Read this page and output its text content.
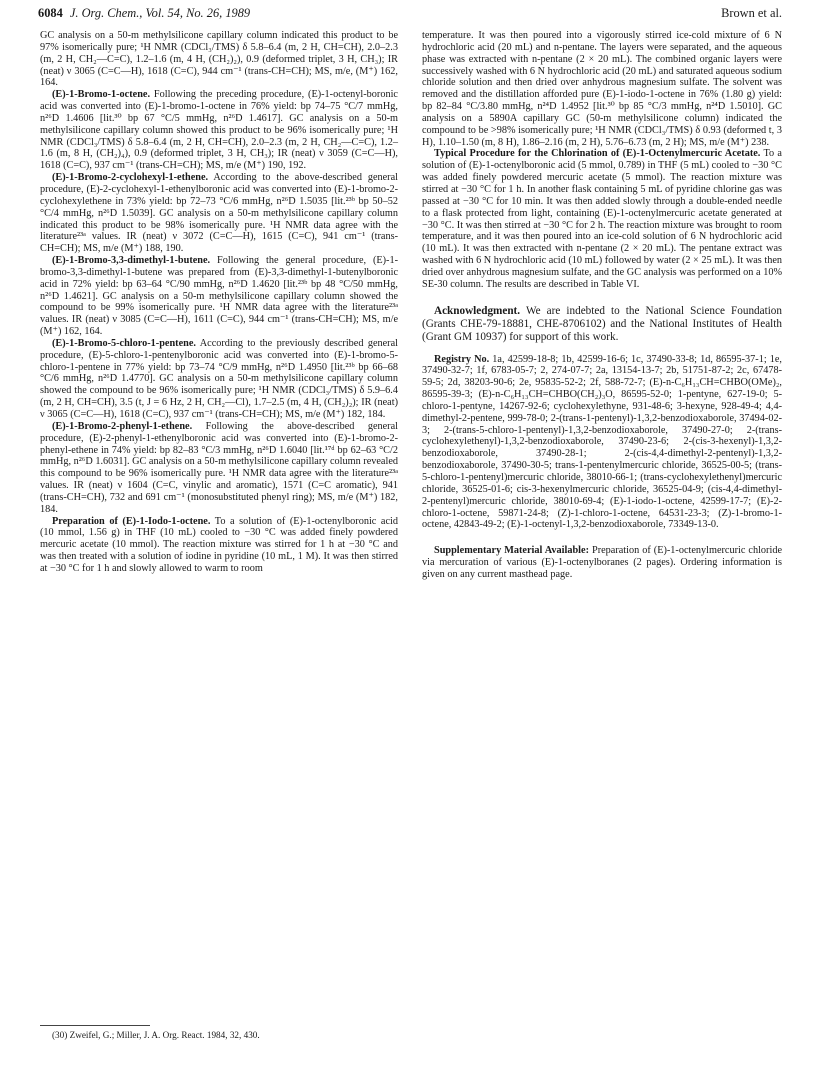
6084 J. Org. Chem., Vol. 54, No. 26, 1989	Brown et al.

GC analysis on a 50-m methylsilicone capillary column indicated this product to be 97% isomerically pure; ¹H NMR (CDCl₃/TMS) δ 5.8–6.4 (m, 2 H, CH=CH), 2.0–2.3 (m, 2 H, CH₂—C=C), 1.2–1.6 (m, 4 H, (CH₂)₂), 0.9 (deformed triplet, 3 H, CH₃); IR (neat) ν 3065 (C=C—H), 1618 (C=C), 944 cm⁻¹ (trans-CH=CH); MS, m/e, (M⁺) 162, 164.

(E)-1-Bromo-1-octene. Following the preceding procedure, (E)-1-octenyl-boronic acid was converted into (E)-1-bromo-1-octene in 76% yield: bp 74–75 °C/7 mmHg, n²⁶D 1.4606 [lit.³⁰ bp 67 °C/5 mmHg, n²⁶D 1.4617]. GC analysis on a 50-m methylsilicone capillary column showed this product to be 96% isomerically pure; ¹H NMR (CDCl₃/TMS) δ 5.8–6.4 (m, 2 H, CH=CH), 2.0–2.3 (m, 2 H, CH₂—C=C), 1.2–1.6 (m, 8 H, (CH₂)₄), 0.9 (deformed triplet, 3 H, CH₃); IR (neat) ν 3059 (C=C—H), 1618 (C=C), 937 cm⁻¹ (trans-CH=CH); MS, m/e (M⁺) 190, 192.

(E)-1-Bromo-2-cyclohexyl-1-ethene. According to the above-described general procedure, (E)-2-cyclohexyl-1-ethenylboronic acid was converted into (E)-1-bromo-2-cyclohexylethene in 73% yield: bp 72–73 °C/6 mmHg, n²⁶D 1.5035 [lit.²³ᵇ bp 50–52 °C/4 mmHg, n²⁶D 1.5039]. GC analysis on a 50-m methylsilicone capillary column indicated this product to be 98% isomerically pure. ¹H NMR data agree with the literature²³ᵃ values. IR (neat) ν 3072 (C=C—H), 1615 (C=C), 941 cm⁻¹ (trans-CH=CH); MS, m/e (M⁺) 188, 190.

(E)-1-Bromo-3,3-dimethyl-1-butene. Following the general procedure, (E)-1-bromo-3,3-dimethyl-1-butene was prepared from (E)-3,3-dimethyl-1-butenylboronic acid in 72% yield: bp 63–64 °C/90 mmHg, n²⁶D 1.4620 [lit.²³ᵇ bp 48 °C/50 mmHg, n²⁶D 1.4621]. GC analysis on a 50-m methylsilicone capillary column showed the compound to be 99% isomerically pure. ¹H NMR data agree with the literature²³ᵃ values. IR (neat) ν 3085 (C=C—H), 1611 (C=C), 944 cm⁻¹ (trans-CH=CH); MS, m/e (M⁺) 162, 164.

(E)-1-Bromo-5-chloro-1-pentene. According to the previously described general procedure, (E)-5-chloro-1-pentenylboronic acid was converted into (E)-1-bromo-5-chloro-1-pentene in 77% yield: bp 73–74 °C/9 mmHg, n²⁶D 1.4950 [lit.²³ᵇ bp 66–68 °C/6 mmHg, n²⁶D 1.4770]. GC analysis on a 50-m methylsilicone capillary column showed the compound to be 96% isomerically pure; ¹H NMR (CDCl₃/TMS) δ 5.9–6.4 (m, 2 H, CH=CH), 3.5 (t, J = 6 Hz, 2 H, CH₂—Cl), 1.7–2.5 (m, 4 H, (CH₂)₂); IR (neat) ν 3065 (C=C—H), 1618 (C=C), 937 cm⁻¹ (trans-CH=CH); MS, m/e (M⁺) 182, 184.

(E)-1-Bromo-2-phenyl-1-ethene. Following the above-described general procedure, (E)-2-phenyl-1-ethenylboronic acid was converted into (E)-1-bromo-2-phenyl-ethene in 74% yield: bp 82–83 °C/3 mmHg, n²⁶D 1.6040 [lit.¹⁷ᵈ bp 62–63 °C/2 mmHg, n²⁶D 1.6031]. GC analysis on a 50-m methylsilicone capillary column revealed this compound to be 96% isomerically pure. ¹H NMR data agree with the literature²³ᵃ values. IR (neat) ν 1604 (C=C, vinylic and aromatic), 1571 (C=C aromatic), 941 (trans-CH=CH), 732 and 691 cm⁻¹ (monosubstituted phenyl ring); MS, m/e (M⁺) 182, 184.

Preparation of (E)-1-Iodo-1-octene. To a solution of (E)-1-octenylboronic acid (10 mmol, 1.56 g) in THF (10 mL) cooled to −30 °C was added finely powdered mercuric acetate (10 mmol). The reaction mixture was stirred for 1 h at −30 °C and was then treated with a solution of iodine in pyridine (10 mL, 1 M). It was then stirred at −30 °C for 1 h and slowly allowed to warm to room

temperature. It was then poured into a vigorously stirred ice-cold mixture of 6 N hydrochloric acid (20 mL) and n-pentane. The layers were separated, and the aqueous phase was extracted with n-pentane (2 × 20 mL). The combined organic layers were successively washed with 6 N hydrochloric acid (20 mL) and saturated aqueous sodium chloride solution and then dried over anhydrous magnesium sulfate. The solvent was removed and the distillation afforded pure (E)-1-iodo-1-octene in 76% (1.80 g) yield: bp 82–84 °C/3.80 mmHg, n²⁴D 1.4952 [lit.³⁰ bp 85 °C/3 mmHg, n²⁴D 1.5010]. GC analysis on a 5890A capillary GC (50-m methylsilicone column) indicated the compound to be >98% isomerically pure; ¹H NMR (CDCl₃/TMS) δ 0.93 (deformed t, 3 H), 1.10–1.50 (m, 8 H), 1.86–2.16 (m, 2 H), 5.76–6.73 (m, 2 H); MS, m/e (M⁺) 238.

Typical Procedure for the Chlorination of (E)-1-Octenylmercuric Acetate. To a solution of (E)-1-octenylboronic acid (5 mmol, 0.789) in THF (5 mL) cooled to −30 °C was added finely powdered mercuric acetate (5 mmol). The reaction mixture was stirred at −30 °C for 1 h. In another flask containing 5 mL of pyridine chlorine gas was passed at −30 °C for 10 min. It was then added slowly through a double-ended needle to a flask protected from light, containing (E)-1-octenylmercuric acetate generated at −30 °C. It was then stirred at −30 °C for 2 h. The reaction mixture was brought to room temperature, and it was then poured into an ice-cold solution of 6 N hydrochloric acid (10 mL). It was then extracted with n-pentane (2 × 20 mL). The pentane extract was washed with 6 N hydrochloric acid (10 mL) followed by water (2 × 25 mL). It was then dried over anhydrous magnesium sulfate, and the GC analysis was performed on a 10% SE-30 column. The results are described in Table VI.

Acknowledgment. We are indebted to the National Science Foundation (Grants CHE-79-18881, CHE-8706102) and the National Institutes of Health (Grant GM 10937) for support of this work.

Registry No. 1a, 42599-18-8; 1b, 42599-16-6; 1c, 37490-33-8; 1d, 86595-37-1; 1e, 37490-32-7; 1f, 6783-05-7; 2, 274-07-7; 2a, 13154-13-7; 2b, 51751-87-2; 2c, 67478-59-5; 2d, 38203-90-6; 2e, 95835-52-2; 2f, 588-72-7; (E)-n-C₆H₁₃CH=CHBO(OMe)₂, 86595-39-3; (E)-n-C₆H₁₃CH=CHBO(CH₂)₃O, 86595-52-0; 1-pentyne, 627-19-0; 5-chloro-1-pentyne, 14267-92-6; cyclohexylethyne, 931-48-6; 3-hexyne, 928-49-4; 4,4-dimethyl-2-pentene, 999-78-0; 2-(trans-1-pentenyl)-1,3,2-benzodioxaborole, 37494-02-3; 2-(trans-5-chloro-1-pentenyl)-1,3,2-benzodioxaborole, 37490-27-0; 2-(trans-cyclohexylethenyl)-1,3,2-benzodioxaborole, 37490-23-6; 2-(cis-3-hexenyl)-1,3,2-benzodioxaborole, 37490-28-1; 2-(cis-4,4-dimethyl-2-pentenyl)-1,3,2-benzodioxaborole, 37490-30-5; trans-1-pentenylmercuric chloride, 36525-00-5; (trans-5-chloro-1-pentenyl)mercuric chloride, 38010-66-1; (trans-cyclohexylethenyl)mercuric chloride, 36525-01-6; cis-3-hexenylmercuric chloride, 36525-04-9; (cis-4,4-dimethyl-2-pentenyl)mercuric chloride, 38010-69-4; (E)-1-iodo-1-octene, 42599-17-7; (E)-2-chloro-1-octene, 59871-24-8; (Z)-1-chloro-1-octene, 64531-23-3; (Z)-1-bromo-1-octene, 42843-49-2; (E)-1-octenyl-1,3,2-benzodioxaborole, 73349-13-0.

Supplementary Material Available: Preparation of (E)-1-octenylmercuric chloride via mercuration of various (E)-1-octenylboranes (2 pages). Ordering information is given on any current masthead page.

(30) Zweifel, G.; Miller, J. A. Org. React. 1984, 32, 430.
